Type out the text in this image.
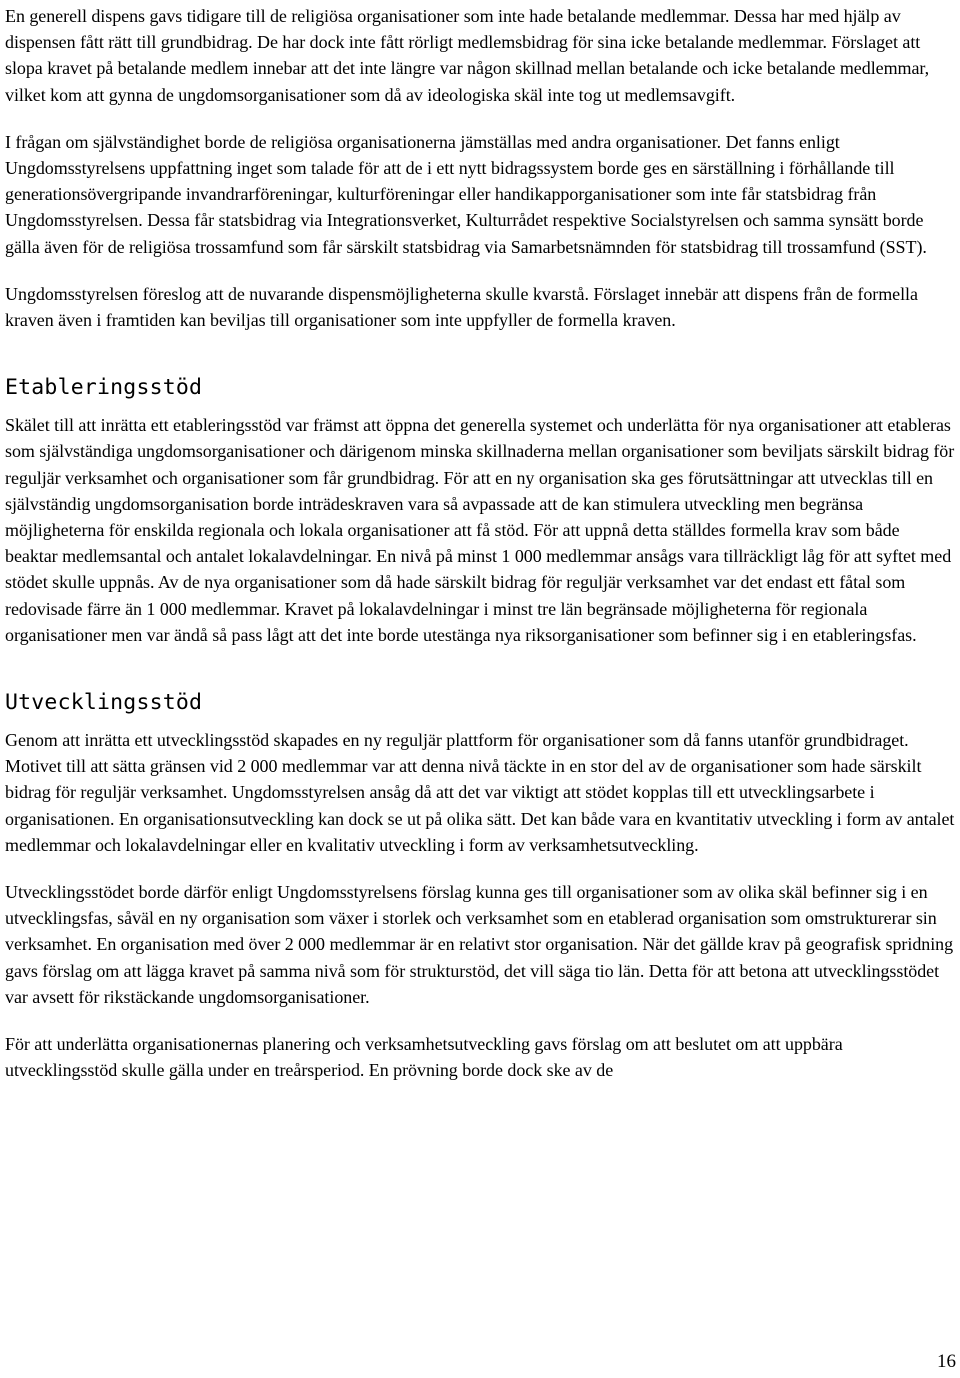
En generell dispens gavs tidigare till de religiösa organisationer som inte hade betalande medlemmar. Dessa har med hjälp av dispensen fått rätt till grundbidrag. De har dock inte fått rörligt medlemsbidrag för sina icke betalande medlemmar. Förslaget att slopa kravet på betalande medlem innebar att det inte längre var någon skillnad mellan betalande och icke betalande medlemmar, vilket kom att gynna de ungdomsorganisationer som då av ideologiska skäl inte tog ut medlemsavgift.

I frågan om självständighet borde de religiösa organisationerna jämställas med andra organisationer. Det fanns enligt Ungdomsstyrelsens uppfattning inget som talade för att de i ett nytt bidragssystem borde ges en särställning i förhållande till generationsövergripande invandrarföreningar, kulturföreningar eller handikapporganisationer som inte får statsbidrag från Ungdomsstyrelsen. Dessa får statsbidrag via Integrationsverket, Kulturrådet respektive Socialstyrelsen och samma synsätt borde gälla även för de religiösa trossamfund som får särskilt statsbidrag via Samarbetsnämnden för statsbidrag till trossamfund (SST).

Ungdomsstyrelsen föreslog att de nuvarande dispensmöjligheterna skulle kvarstå. Förslaget innebär att dispens från de formella kraven även i framtiden kan beviljas till organisationer som inte uppfyller de formella kraven.

Etableringsstöd

Skälet till att inrätta ett etableringsstöd var främst att öppna det generella systemet och underlätta för nya organisationer att etableras som självständiga ungdomsorganisationer och därigenom minska skillnaderna mellan organisationer som beviljats särskilt bidrag för reguljär verksamhet och organisationer som får grundbidrag. För att en ny organisation ska ges förutsättningar att utvecklas till en självständig ungdomsorganisation borde inträdeskraven vara så avpassade att de kan stimulera utveckling men begränsa möjligheterna för enskilda regionala och lokala organisationer att få stöd. För att uppnå detta ställdes formella krav som både beaktar medlemsantal och antalet lokalavdelningar. En nivå på minst 1 000 medlemmar ansågs vara tillräckligt låg för att syftet med stödet skulle uppnås. Av de nya organisationer som då hade särskilt bidrag för reguljär verksamhet var det endast ett fåtal som redovisade färre än 1 000 medlemmar. Kravet på lokalavdelningar i minst tre län begränsade möjligheterna för regionala organisationer men var ändå så pass lågt att det inte borde utestänga nya riksorganisationer som befinner sig i en etableringsfas.

Utvecklingsstöd

Genom att inrätta ett utvecklingsstöd skapades en ny reguljär plattform för organisationer som då fanns utanför grundbidraget. Motivet till att sätta gränsen vid 2 000 medlemmar var att denna nivå täckte in en stor del av de organisationer som hade särskilt bidrag för reguljär verksamhet. Ungdomsstyrelsen ansåg då att det var viktigt att stödet kopplas till ett utvecklingsarbete i organisationen. En organisationsutveckling kan dock se ut på olika sätt. Det kan både vara en kvantitativ utveckling i form av antalet medlemmar och lokalavdelningar eller en kvalitativ utveckling i form av verksamhetsutveckling.

Utvecklingsstödet borde därför enligt Ungdomsstyrelsens förslag kunna ges till organisationer som av olika skäl befinner sig i en utvecklingsfas, såväl en ny organisation som växer i storlek och verksamhet som en etablerad organisation som omstrukturerar sin verksamhet. En organisation med över 2 000 medlemmar är en relativt stor organisation. När det gällde krav på geografisk spridning gavs förslag om att lägga kravet på samma nivå som för strukturstöd, det vill säga tio län. Detta för att betona att utvecklingsstödet var avsett för rikstäckande ungdomsorganisationer.

För att underlätta organisationernas planering och verksamhetsutveckling gavs förslag om att beslutet om att uppbära utvecklingsstöd skulle gälla under en treårsperiod. En prövning borde dock ske av de

16
